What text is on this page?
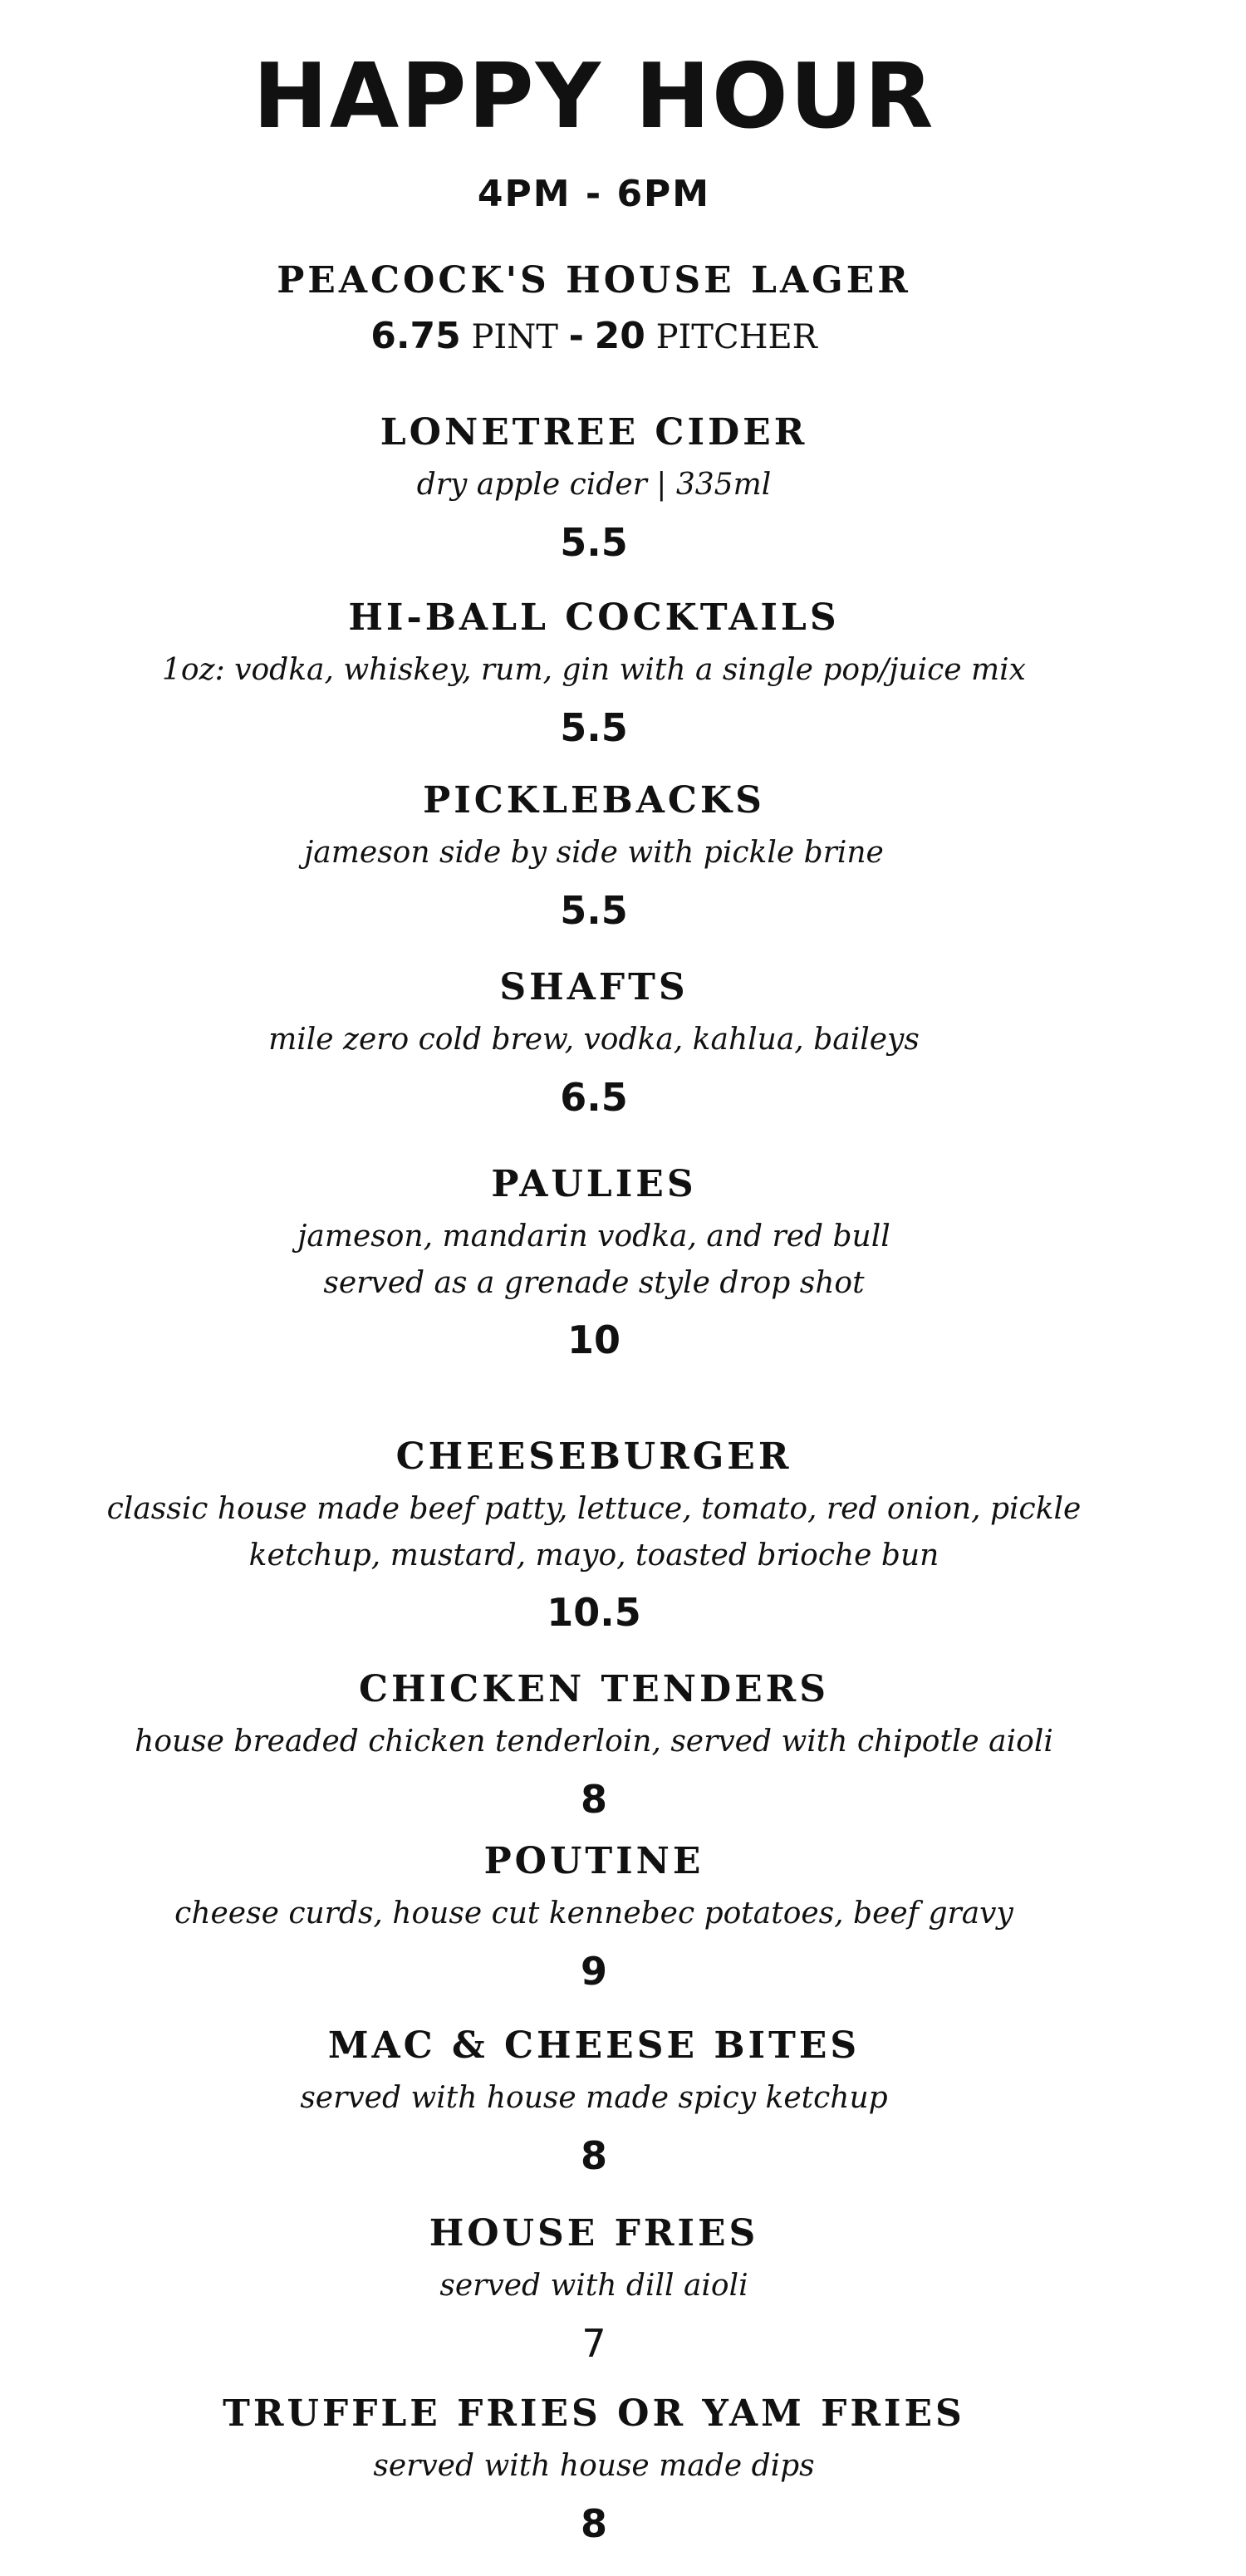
HAPPY HOUR
4PM - 6PM
PEACOCK'S HOUSE LAGER
6.75 PINT - 20 PITCHER
LONETREE CIDER
dry apple cider | 335ml
5.5
HI-BALL COCKTAILS
1oz: vodka, whiskey, rum, gin with a single pop/juice mix
5.5
PICKLEBACKS
jameson side by side with pickle brine
5.5
SHAFTS
mile zero cold brew, vodka, kahlua, baileys
6.5
PAULIES
jameson, mandarin vodka, and red bull
served as a grenade style drop shot
10
CHEESEBURGER
classic house made beef patty, lettuce, tomato, red onion, pickle
ketchup, mustard, mayo, toasted brioche bun
10.5
CHICKEN TENDERS
house breaded chicken tenderloin, served with chipotle aioli
8
POUTINE
cheese curds, house cut kennebec potatoes, beef gravy
9
MAC & CHEESE BITES
served with house made spicy ketchup
8
HOUSE FRIES
served with dill aioli
7
TRUFFLE FRIES OR YAM FRIES
served with house made dips
8
